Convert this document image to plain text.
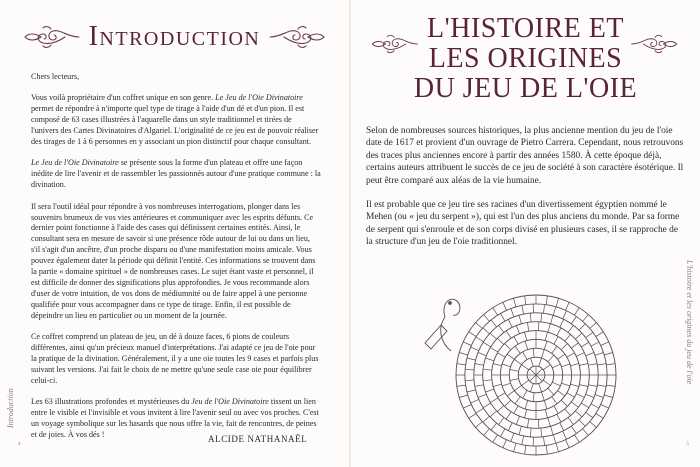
Introduction

Chers lecteurs,

Vous voilà propriétaire d'un coffret unique en son genre. Le Jeu de l'Oie Divinatoire permet de répondre à n'importe quel type de tirage à l'aide d'un dé et d'un pion. Il est composé de 63 cases illustrées à l'aquarelle dans un style traditionnel et tirées de l'univers des Cartes Divinatoires d'Algariel. L'originalité de ce jeu est de pouvoir réaliser des tirages de 1 à 6 personnes en y associant un pion distinctif pour chaque consultant.

Le Jeu de l'Oie Divinatoire se présente sous la forme d'un plateau et offre une façon inédite de lire l'avenir et de rassembler les passionnés autour d'une pratique commune : la divination.

Il sera l'outil idéal pour répondre à vos nombreuses interrogations, plonger dans les souvenirs brumeux de vos vies antérieures et communiquer avec les esprits défunts. Ce dernier point fonctionne à l'aide des cases qui définissent certaines entités. Ainsi, le consultant sera en mesure de savoir si une présence rôde autour de lui ou dans un lieu, s'il s'agit d'un ancêtre, d'un proche disparu ou d'une manifestation moins amicale. Vous pouvez également dater la période qui définit l'entité. Ces informations se trouvent dans la partie « domaine spirituel » de nombreuses cases. Le sujet étant vaste et personnel, il est difficile de donner des significations plus approfondies. Je vous recommande alors d'user de votre intuition, de vos dons de médiumnité ou de faire appel à une personne qualifiée pour vous accompagner dans ce type de tirage. Enfin, il est possible de dépeindre un lieu en particulier ou un moment de la journée.

Ce coffret comprend un plateau de jeu, un dé à douze faces, 6 pions de couleurs différentes, ainsi qu'un précieux manuel d'interprétations. J'ai adapté ce jeu de l'oie pour la pratique de la divination. Généralement, il y a une oie toutes les 9 cases et parfois plus suivant les versions. J'ai fait le choix de ne mettre qu'une seule case oie pour équilibrer celui-ci.

Les 63 illustrations profondes et mystérieuses du Jeu de l'Oie Divinatoire tissent un lien entre le visible et l'invisible et vous invitent à lire l'avenir seul ou avec vos proches. C'est un voyage symbolique sur les hasards que nous offre la vie, fait de rencontres, de peines et de joies. À vos dés !	ALCIDE NATHANAËL
Introduction
4
L'HISTOIRE ET
LES ORIGINES
DU JEU DE L'OIE

Selon de nombreuses sources historiques, la plus ancienne mention du jeu de l'oie date de 1617 et provient d'un ouvrage de Pietro Carrera. Cependant, nous retrouvons des traces plus anciennes encore à partir des années 1580. À cette époque déjà, certains auteurs attribuent le succès de ce jeu de société à son caractère ésotérique. Il peut être comparé aux aléas de la vie humaine.

Il est probable que ce jeu tire ses racines d'un divertissement égyptien nommé le Mehen (ou « jeu du serpent »), qui est l'un des plus anciens du monde. Par sa forme de serpent qui s'enroule et de son corps divisé en plusieurs cases, il se rapproche de la structure d'un jeu de l'oie traditionnel.

L'histoire et les origines du jeu de l'oie
5
